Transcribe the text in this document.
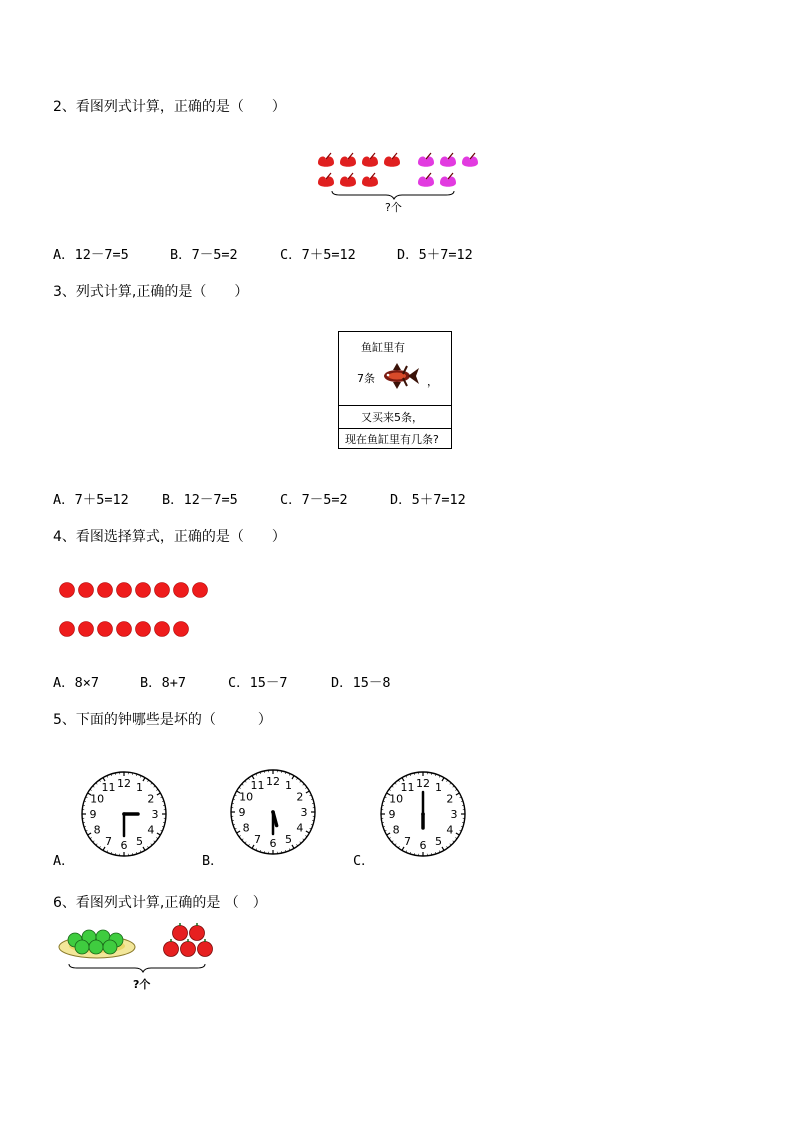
2、看图列式计算，正确的是（　　）
?个
A．12－7=5	B．7－5=2	C．7＋5=12	D．5＋7=12
3、列式计算,正确的是（　　）
鱼缸里有
7条	，
又买来5条，
现在鱼缸里有几条?
A．7＋5=12 B．12－7=5	C．7－5=2	D．5＋7=12
4、看图选择算式，正确的是（　　）
A．8×7	B．8+7	C．15－7	D．15－8
5、下面的钟哪些是坏的（　　　）
12 1
2
3
4
5
6
7
8
9
10
11	12 1
2
3
4
5
6
7
8
9
10
11	12 1
2
3
4
5
6
7
8
9
10
11
A．	B．	C．
6、看图列式计算,正确的是 （　）
?个
